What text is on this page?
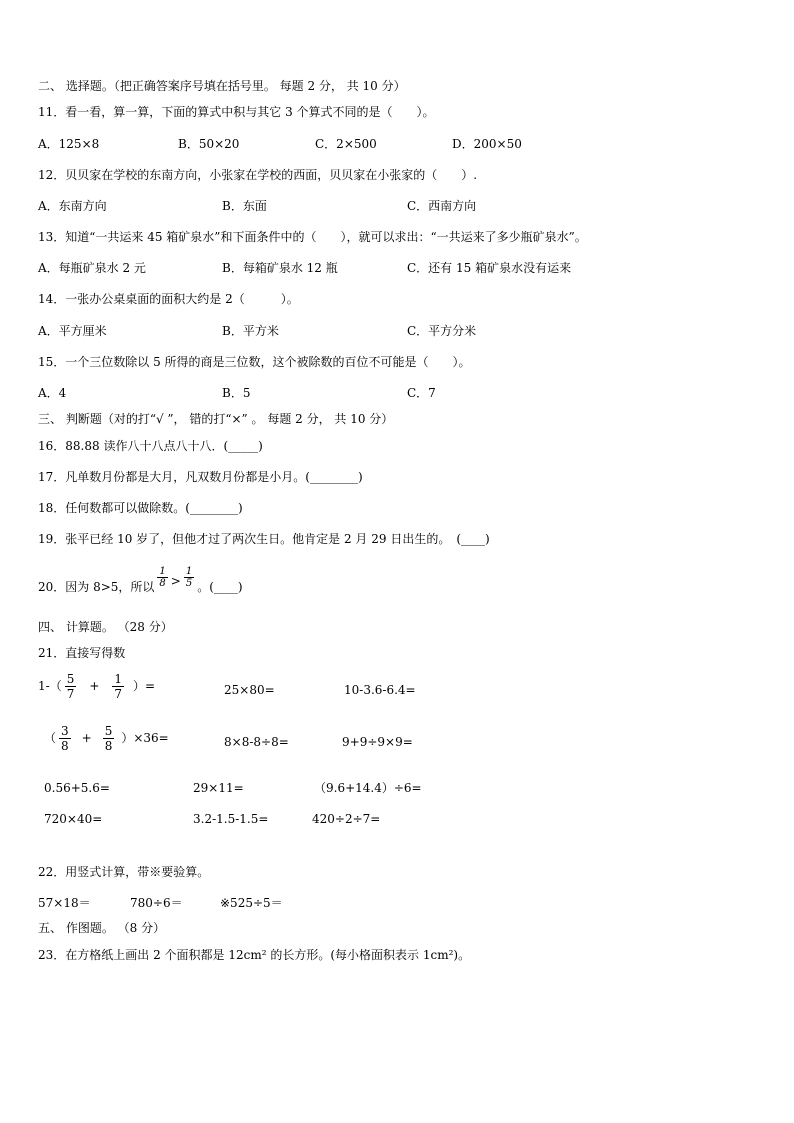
二、 选择题。（把正确答案序号填在括号里。 每题 2 分， 共 10 分）
11．看一看，算一算，下面的算式中积与其它 3 个算式不同的是（　　）。
A．125×8	B．50×20	C．2×500	D．200×50
12．贝贝家在学校的东南方向，小张家在学校的西面，贝贝家在小张家的（　　）.
A．东南方向	B．东面	C．西南方向
13．知道“一共运来 45 箱矿泉水”和下面条件中的（　　），就可以求出：“一共运来了多少瓶矿泉水”。
A．每瓶矿泉水 2 元	B．每箱矿泉水 12 瓶	C．还有 15 箱矿泉水没有运来
14．一张办公桌桌面的面积大约是 2（　　　）。
A．平方厘米	B．平方米	C．平方分米
15．一个三位数除以 5 所得的商是三位数，这个被除数的百位不可能是（　　）。
A．4	B．5	C．7
三、 判断题（对的打“√ ”， 错的打“×” 。 每题 2 分， 共 10 分）
16．88.88 读作八十八点八十八．(_____)
17．凡单数月份都是大月，凡双数月份都是小月。(________)
18．任何数都可以做除数。(________)
19．张平已经 10 岁了，但他才过了两次生日。他肯定是 2 月 29 日出生的。　(____)
20．因为 8>5，所以 $\frac{1}{8} > \frac{1}{5}$ 。(____)
四、 计算题。 （28 分）
21．直接写得数
$1-( \frac{5}{7} + \frac{1}{7}$ ）=	25×80=	10-3.6-6.4=
（ $\frac{3}{8} + \frac{5}{8} )\times 36=$	8×8-8÷8=	9+9÷9×9=
0.56+5.6=	29×11=	（9.6+14.4）÷6=
720×40=	3.2-1.5-1.5=	420÷2÷7=
22．用竖式计算，带※要验算。
57×18＝	780÷6＝	※525÷5＝
五、 作图题。 （8 分）
23．在方格纸上画出 2 个面积都是 12cm² 的长方形。(每小格面积表示 1cm²)。
